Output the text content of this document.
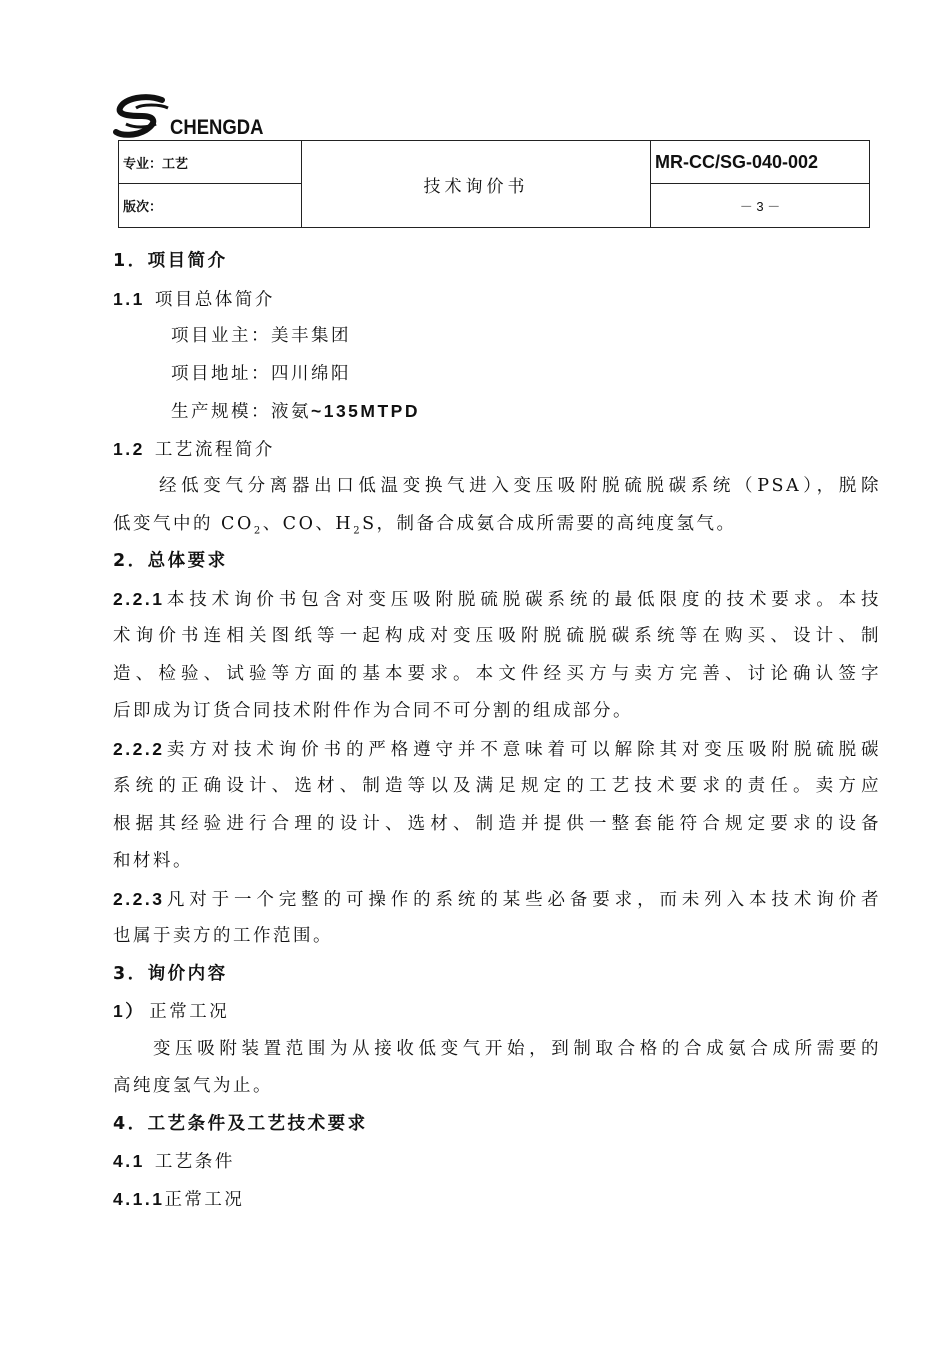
CHENGDA
专业：工艺	技术询价书	MR-CC/SG-040-002
版次：		－ 3 －
1．项目简介
1.1 项目总体简介
项目业主：美丰集团
项目地址：四川绵阳
生产规模：液氨~135MTPD
1.2 工艺流程简介
经低变气分离器出口低温变换气进入变压吸附脱硫脱碳系统（PSA），脱除
低变气中的 $CO_2$、CO、$H_2S$，制备合成氨合成所需要的高纯度氢气。
2．总体要求
2.2.1本技术询价书包含对变压吸附脱硫脱碳系统的最低限度的技术要求。本技
术询价书连相关图纸等一起构成对变压吸附脱硫脱碳系统等在购买、设计、制
造、检验、试验等方面的基本要求。本文件经买方与卖方完善、讨论确认签字
后即成为订货合同技术附件作为合同不可分割的组成部分。
2.2.2卖方对技术询价书的严格遵守并不意味着可以解除其对变压吸附脱硫脱碳
系统的正确设计、选材、制造等以及满足规定的工艺技术要求的责任。卖方应
根据其经验进行合理的设计、选材、制造并提供一整套能符合规定要求的设备
和材料。
2.2.3凡对于一个完整的可操作的系统的某些必备要求，而未列入本技术询价者
也属于卖方的工作范围。
3．询价内容
1） 正常工况
变压吸附装置范围为从接收低变气开始，到制取合格的合成氨合成所需要的
高纯度氢气为止。
4．工艺条件及工艺技术要求
4.1 工艺条件
4.1.1正常工况
